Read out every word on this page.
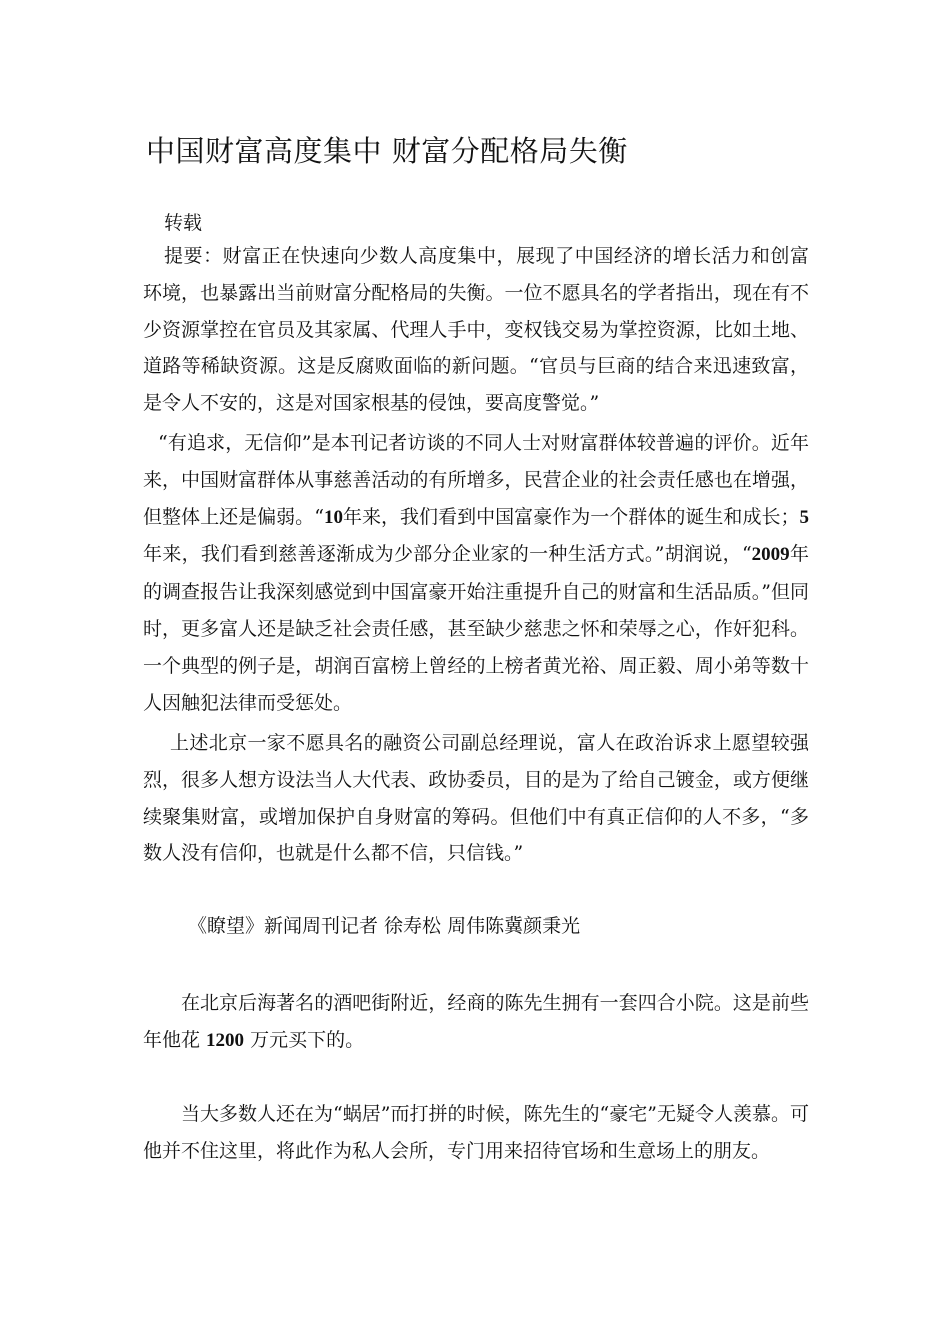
中国财富高度集中 财富分配格局失衡
转载

提要：财富正在快速向少数人高度集中，展现了中国经济的增长活力和创富环境，也暴露出当前财富分配格局的失衡。一位不愿具名的学者指出，现在有不少资源掌控在官员及其家属、代理人手中，变权钱交易为掌控资源，比如土地、道路等稀缺资源。这是反腐败面临的新问题。“官员与巨商的结合来迅速致富，是令人不安的，这是对国家根基的侵蚀，要高度警觉。”

“有追求，无信仰”是本刊记者访谈的不同人士对财富群体较普遍的评价。近年来，中国财富群体从事慈善活动的有所增多，民营企业的社会责任感也在增强，但整体上还是偏弱。“10年来，我们看到中国富豪作为一个群体的诞生和成长；5年来，我们看到慈善逐渐成为少部分企业家的一种生活方式。”胡润说，“2009年的调查报告让我深刻感觉到中国富豪开始注重提升自己的财富和生活品质。”但同时，更多富人还是缺乏社会责任感，甚至缺少慈悲之怀和荣辱之心，作奸犯科。一个典型的例子是，胡润百富榜上曾经的上榜者黄光裕、周正毅、周小弟等数十人因触犯法律而受惩处。

上述北京一家不愿具名的融资公司副总经理说，富人在政治诉求上愿望较强烈，很多人想方设法当人大代表、政协委员，目的是为了给自己镀金，或方便继续聚集财富，或增加保护自身财富的筹码。但他们中有真正信仰的人不多，“多数人没有信仰，也就是什么都不信，只信钱。”

《瞭望》新闻周刊记者 徐寿松 周伟陈冀颜秉光

在北京后海著名的酒吧街附近，经商的陈先生拥有一套四合小院。这是前些年他花 1200 万元买下的。

当大多数人还在为“蜗居”而打拼的时候，陈先生的“豪宅”无疑令人羡慕。可他并不住这里，将此作为私人会所，专门用来招待官场和生意场上的朋友。
